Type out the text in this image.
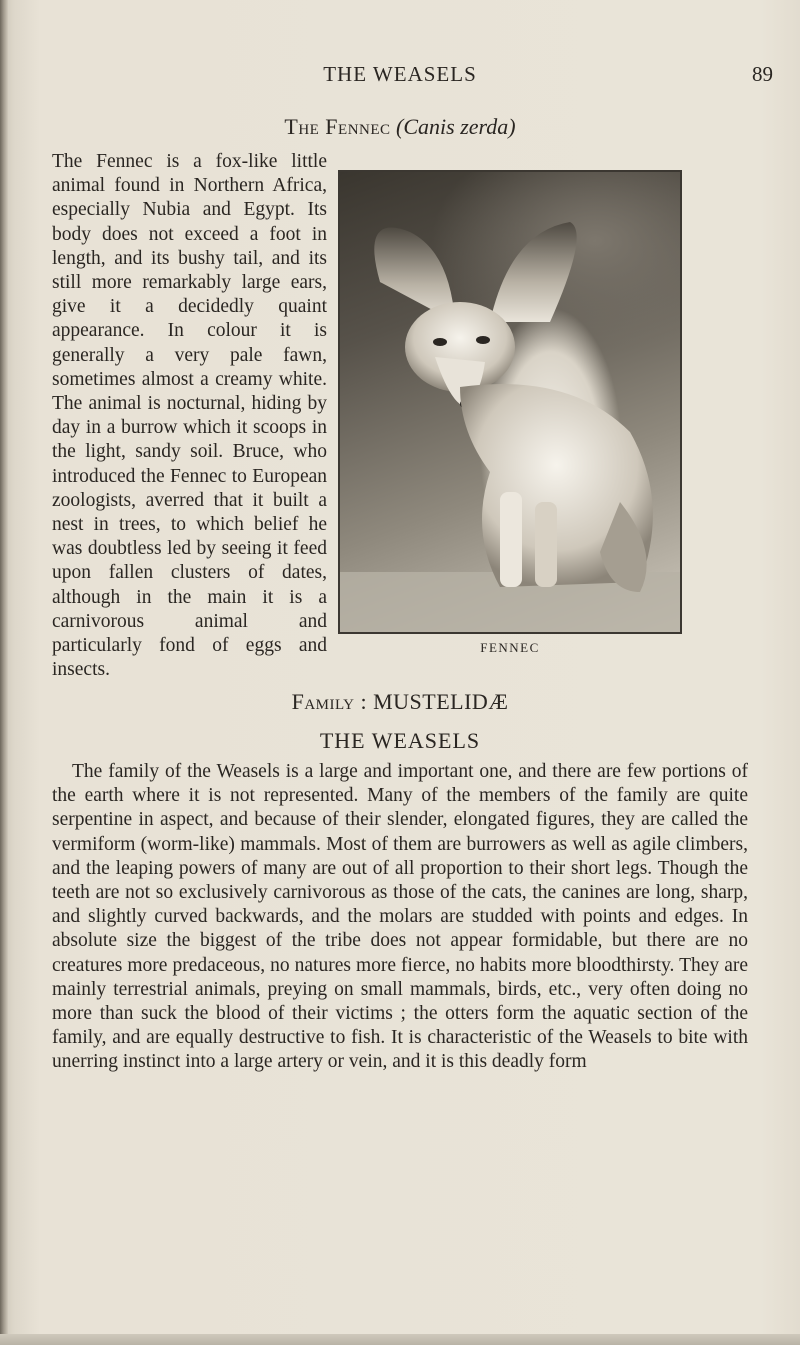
THE WEASELS	89
The Fennec (Canis zerda)
The Fennec is a fox-like little animal found in Northern Africa, especially Nubia and Egypt. Its body does not exceed a foot in length, and its bushy tail, and its still more remarkably large ears, give it a decidedly quaint appearance. In colour it is generally a very pale fawn, sometimes almost a creamy white. The animal is nocturnal, hiding by day in a burrow which it scoops in the light, sandy soil. Bruce, who introduced the Fennec to European zoologists, averred that it built a nest in trees, to which belief he was doubtless led by seeing it feed upon fallen clusters of dates, although in the main it is a carnivorous animal and particularly fond of eggs and insects.
FENNEC
Family : MUSTELIDÆ
THE WEASELS
The family of the Weasels is a large and important one, and there are few portions of the earth where it is not represented. Many of the members of the family are quite serpentine in aspect, and because of their slender, elongated figures, they are called the vermiform (worm-like) mammals. Most of them are burrowers as well as agile climbers, and the leaping powers of many are out of all proportion to their short legs. Though the teeth are not so exclusively carnivorous as those of the cats, the canines are long, sharp, and slightly curved backwards, and the molars are studded with points and edges. In absolute size the biggest of the tribe does not appear formidable, but there are no creatures more predaceous, no natures more fierce, no habits more bloodthirsty. They are mainly terrestrial animals, preying on small mammals, birds, etc., very often doing no more than suck the blood of their victims ; the otters form the aquatic section of the family, and are equally destructive to fish. It is characteristic of the Weasels to bite with unerring instinct into a large artery or vein, and it is this deadly form
